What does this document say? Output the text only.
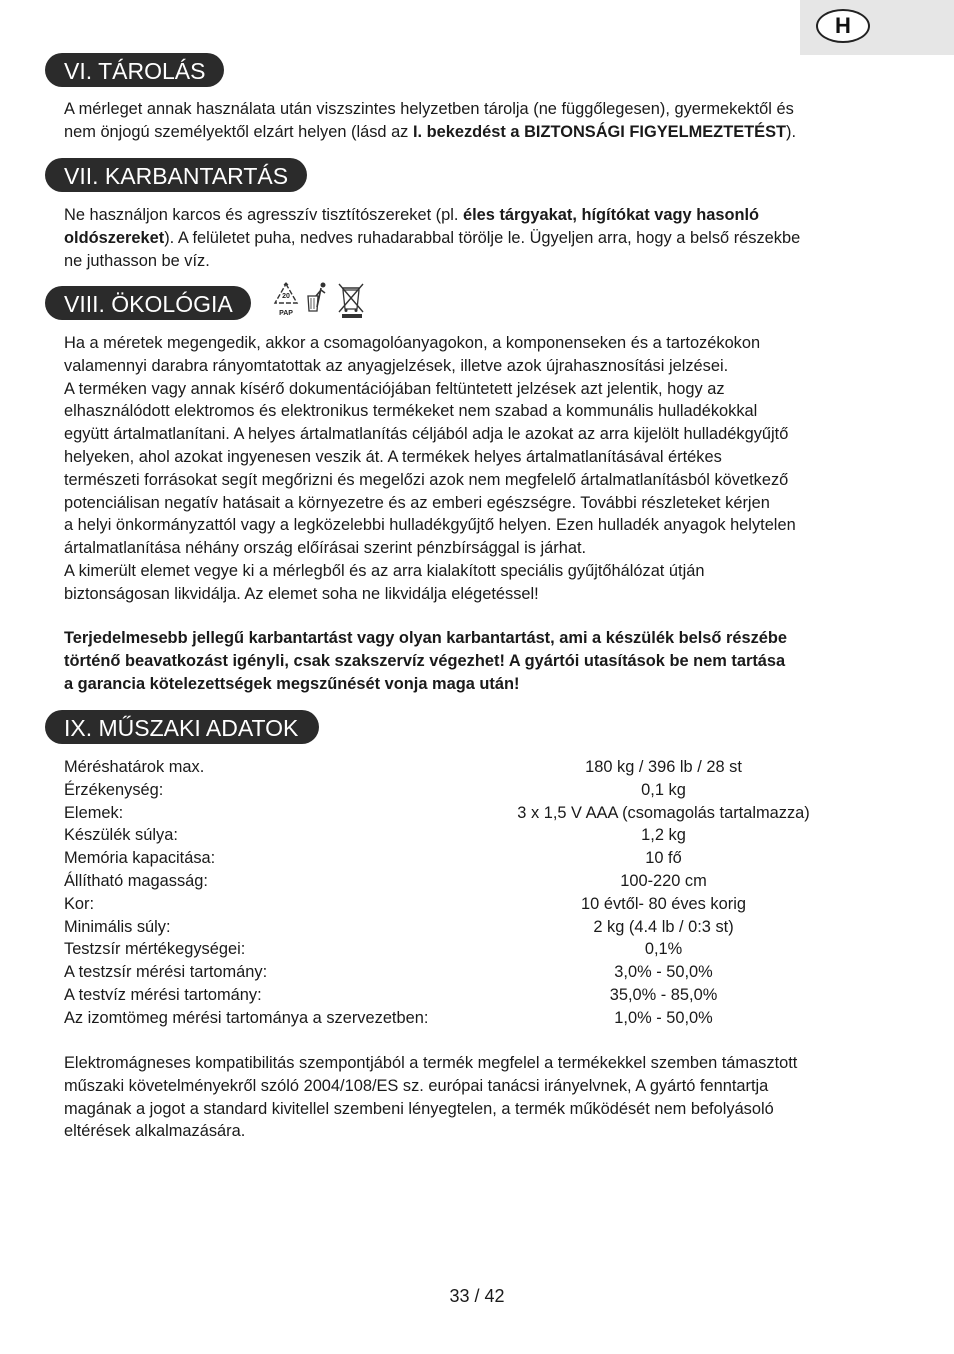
H
VI. TÁROLÁS

A mérleget annak használata után viszszintes helyzetben tárolja (ne függőlegesen), gyermekektől és
nem önjogú személyektől elzárt helyen (lásd az I. bekezdést a BIZTONSÁGI FIGYELMEZTETÉST).

VII. KARBANTARTÁS

Ne használjon karcos és agresszív tisztítószereket (pl. éles tárgyakat, hígítókat vagy hasonló
oldószereket). A felületet puha, nedves ruhadarabbal törölje le. Ügyeljen arra, hogy a belső részekbe
ne juthasson be víz.

VIII. ÖKOLÓGIA	20
PAP

Ha a méretek megengedik, akkor a csomagolóanyagokon, a komponenseken és a tartozékokon
valamennyi darabra rányomtatottak az anyagjelzések, illetve azok újrahasznosítási jelzései.
A terméken vagy annak kísérő dokumentációjában feltüntetett jelzések azt jelentik, hogy az
elhasználódott elektromos és elektronikus termékeket nem szabad a kommunális hulladékokkal
együtt ártalmatlanítani. A helyes ártalmatlanítás céljából adja le azokat az arra kijelölt hulladékgyűjtő
helyeken, ahol azokat ingyenesen veszik át. A termékek helyes ártalmatlanításával értékes
természeti forrásokat segít megőrizni és megelőzi azok nem megfelelő ártalmatlanításból következő
potenciálisan negatív hatásait a környezetre és az emberi egészségre. További részleteket kérjen
a helyi önkormányzattól vagy a legközelebbi hulladékgyűjtő helyen. Ezen hulladék anyagok helytelen
ártalmatlanítása néhány ország előírásai szerint pénzbírsággal is járhat.
A kimerült elemet vegye ki a mérlegből és az arra kialakított speciális gyűjtőhálózat útján
biztonságosan likvidálja. Az elemet soha ne likvidálja elégetéssel!

Terjedelmesebb jellegű karbantartást vagy olyan karbantartást, ami a készülék belső részébe
történő beavatkozást igényli, csak szakszervíz végezhet! A gyártói utasítások be nem tartása
a garancia kötelezettségek megszűnését vonja maga után!

IX. MŰSZAKI ADATOK
Méréshatárok max.	180 kg / 396 lb / 28 st
Érzékenység:	0,1 kg
Elemek:	3 x 1,5 V AAA (csomagolás tartalmazza)
Készülék súlya:	1,2 kg
Memória kapacitása:	10 fő
Állítható magasság:	100-220 cm
Kor:	10 évtől- 80 éves korig
Minimális súly:	2 kg (4.4 lb / 0:3 st)
Testzsír mértékegységei:	0,1%
A testzsír mérési tartomány:	3,0% - 50,0%
A testvíz mérési tartomány:	35,0% - 85,0%
Az izomtömeg mérési tartománya a szervezetben:	1,0% - 50,0%

Elektromágneses kompatibilitás szempontjából a termék megfelel a termékekkel szemben támasztott
műszaki követelményekről szóló 2004/108/ES sz. európai tanácsi irányelvnek, A gyártó fenntartja
magának a jogot a standard kivitellel szembeni lényegtelen, a termék működését nem befolyásoló
eltérések alkalmazására.

33 / 42
